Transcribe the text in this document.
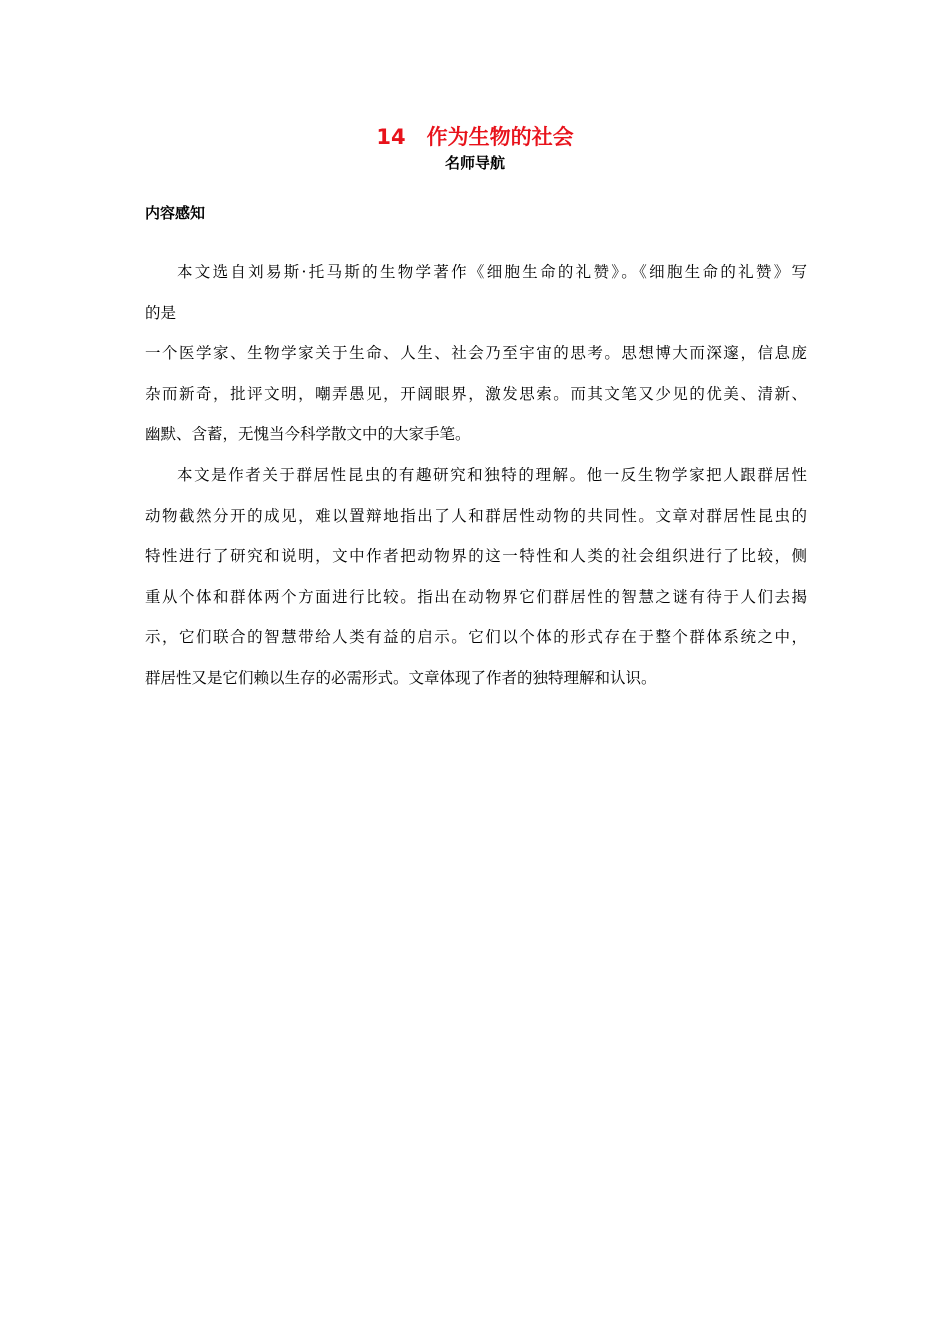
14　作为生物的社会
名师导航
内容感知
本文选自刘易斯·托马斯的生物学著作《细胞生命的礼赞》。《细胞生命的礼赞》写
的是
一个医学家、生物学家关于生命、人生、社会乃至宇宙的思考。思想博大而深邃，信息庞
杂而新奇，批评文明，嘲弄愚见，开阔眼界，激发思索。而其文笔又少见的优美、清新、
幽默、含蓄，无愧当今科学散文中的大家手笔。
本文是作者关于群居性昆虫的有趣研究和独特的理解。他一反生物学家把人跟群居性
动物截然分开的成见，难以置辩地指出了人和群居性动物的共同性。文章对群居性昆虫的
特性进行了研究和说明，文中作者把动物界的这一特性和人类的社会组织进行了比较，侧
重从个体和群体两个方面进行比较。指出在动物界它们群居性的智慧之谜有待于人们去揭
示，它们联合的智慧带给人类有益的启示。它们以个体的形式存在于整个群体系统之中，
群居性又是它们赖以生存的必需形式。文章体现了作者的独特理解和认识。
